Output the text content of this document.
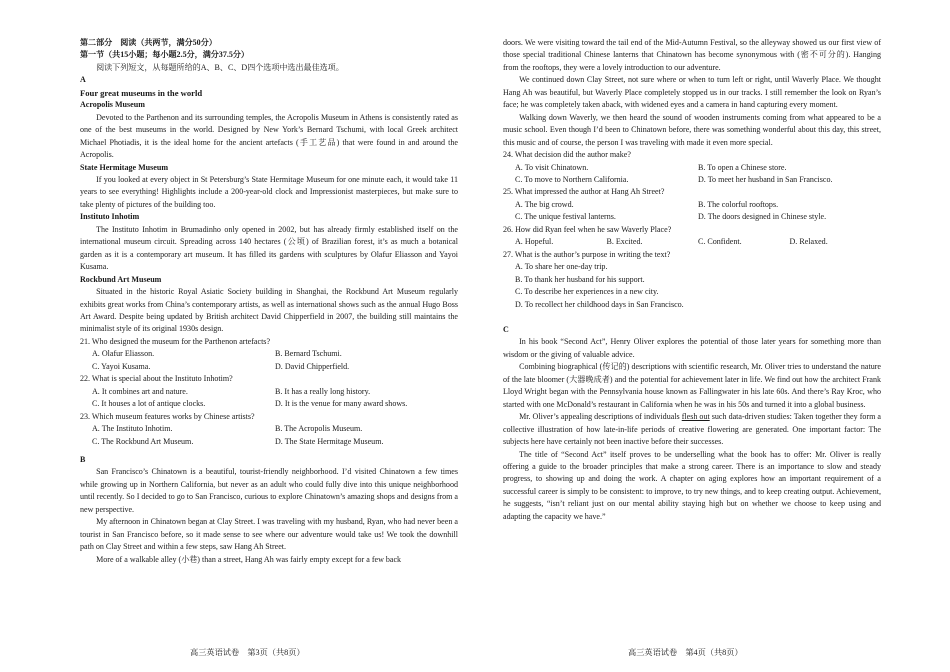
第二部分　阅读（共两节，满分50分）

第一节（共15小题；每小题2.5分，满分37.5分）

阅读下列短文，从每题所给的A、B、C、D四个选项中选出最佳选项。

A

Four great museums in the world

Acropolis Museum

Devoted to the Parthenon and its surrounding temples, the Acropolis Museum in Athens is consistently rated as one of the best museums in the world. Designed by New York’s Bernard Tschumi, with local Greek architect Michael Photiadis, it is the ideal home for the ancient artefacts (手工艺品) that were found in and around the Acropolis.

State Hermitage Museum

If you looked at every object in St Petersburg’s State Hermitage Museum for one minute each, it would take 11 years to see everything! Highlights include a 200-year-old clock and Impressionist masterpieces, but make sure to take plenty of pictures of the building too.

Instituto Inhotim

The Instituto Inhotim in Brumadinho only opened in 2002, but has already firmly established itself on the international museum circuit. Spreading across 140 hectares (公顷) of Brazilian forest, it’s as much a botanical garden as it is a contemporary art museum. It has filled its gardens with sculptures by Olafur Eliasson and Yayoi Kusama.

Rockbund Art Museum

Situated in the historic Royal Asiatic Society building in Shanghai, the Rockbund Art Museum regularly exhibits great works from China’s contemporary artists, as well as international shows such as the annual Hugo Boss Art Award. Despite being updated by British architect David Chipperfield in 2007, the building still maintains the minimalist style of its original 1930s design.

21. Who designed the museum for the Parthenon artefacts?

A. Olafur Eliasson.	B. Bernard Tschumi.
C. Yayoi Kusama.	D. David Chipperfield.

22. What is special about the Instituto Inhotim?

A. It combines art and nature.	B. It has a really long history.
C. It houses a lot of antique clocks.	D. It is the venue for many award shows.

23. Which museum features works by Chinese artists?

A. The Instituto Inhotim.	B. The Acropolis Museum.
C. The Rockbund Art Museum.	D. The State Hermitage Museum.

B

San Francisco’s Chinatown is a beautiful, tourist-friendly neighborhood. I’d visited Chinatown a few times while growing up in Northern California, but never as an adult who could fully dive into this unique neighborhood until recently. So I decided to go to San Francisco, curious to explore Chinatown’s amazing shops and designs from a new perspective.

My afternoon in Chinatown began at Clay Street. I was traveling with my husband, Ryan, who had never been a tourist in San Francisco before, so it made sense to see where our adventure would take us! We took the downhill path on Clay Street and within a few steps, saw Hang Ah Street.

More of a walkable alley (小巷) than a street, Hang Ah was fairly empty except for a few back

doors. We were visiting toward the tail end of the Mid-Autumn Festival, so the alleyway showed us our first view of those special traditional Chinese lanterns that Chinatown has become synonymous with (密不可分的). Hanging from the rooftops, they were a lovely introduction to our adventure.

We continued down Clay Street, not sure where or when to turn left or right, until Waverly Place. We thought Hang Ah was beautiful, but Waverly Place completely stopped us in our tracks. I still remember the look on Ryan’s face; he was completely taken aback, with widened eyes and a camera in hand capturing every moment.

Walking down Waverly, we then heard the sound of wooden instruments coming from what appeared to be a music school. Even though I’d been to Chinatown before, there was something wonderful about this day, this street, this music and of course, the person I was traveling with made it even more special.

24. What decision did the author make?

A. To visit Chinatown.	B. To open a Chinese store.
C. To move to Northern California.	D. To meet her husband in San Francisco.

25. What impressed the author at Hang Ah Street?

A. The big crowd.	B. The colorful rooftops.
C. The unique festival lanterns.	D. The doors designed in Chinese style.

26. How did Ryan feel when he saw Waverly Place?

A. Hopeful.	B. Excited.	C. Confident.	D. Relaxed.

27. What is the author’s purpose in writing the text?

A. To share her one-day trip.

B. To thank her husband for his support.

C. To describe her experiences in a new city.

D. To recollect her childhood days in San Francisco.

C

In his book “Second Act”, Henry Oliver explores the potential of those later years for something more than wisdom or the giving of valuable advice.

Combining biographical (传记的) descriptions with scientific research, Mr. Oliver tries to understand the nature of the late bloomer (大器晚成者) and the potential for achievement later in life. We find out how the architect Frank Lloyd Wright began with the Pennsylvania house known as Fallingwater in his late 60s. And there’s Ray Kroc, who started with one McDonald’s restaurant in California when he was in his 50s and turned it into a global business.

Mr. Oliver’s appealing descriptions of individuals flesh out such data-driven studies: Taken together they form a collective illustration of how late-in-life periods of creative flowering are generated. One important factor: The subjects here have certainly not been inactive before their successes.

The title of “Second Act” itself proves to be underselling what the book has to offer: Mr. Oliver is really offering a guide to the broader principles that make a strong career. There is an importance to slow and steady progress, to showing up and doing the work. A chapter on aging explores how an important requirement of a successful career is simply to be consistent: to improve, to try new things, and to keep creating output. Achievement, he suggests, “isn’t reliant just on our mental ability staying high but on whether we choose to keep using and adapting the capacity we have.”

高三英语试卷　第3页（共8页）	高三英语试卷　第4页（共8页）
